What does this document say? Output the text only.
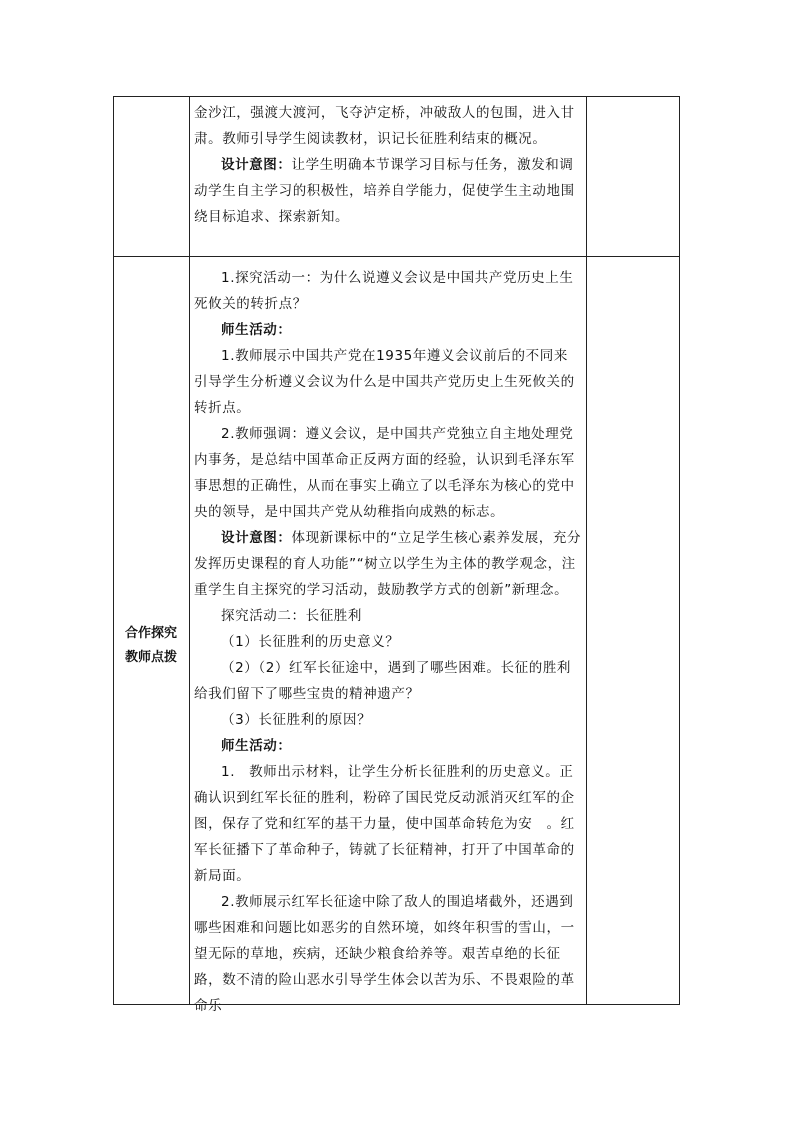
金沙江，强渡大渡河，飞夺泸定桥，冲破敌人的包围，进入甘肃。教师引导学生阅读教材，识记长征胜利结束的概况。

设计意图：让学生明确本节课学习目标与任务，激发和调动学生自主学习的积极性，培养自学能力，促使学生主动地围绕目标追求、探索新知。

合作探究
教师点拨

1.探究活动一：为什么说遵义会议是中国共产党历史上生死攸关的转折点？

师生活动：

1.教师展示中国共产党在1935年遵义会议前后的不同来引导学生分析遵义会议为什么是中国共产党历史上生死攸关的转折点。

2.教师强调：遵义会议，是中国共产党独立自主地处理党内事务，是总结中国革命正反两方面的经验，认识到毛泽东军事思想的正确性，从而在事实上确立了以毛泽东为核心的党中央的领导，是中国共产党从幼稚指向成熟的标志。

设计意图：体现新课标中的“立足学生核心素养发展，充分发挥历史课程的育人功能”“树立以学生为主体的教学观念，注重学生自主探究的学习活动，鼓励教学方式的创新”新理念。

探究活动二：长征胜利

（1）长征胜利的历史意义？

（2）（2）红军长征途中，遇到了哪些困难。长征的胜利给我们留下了哪些宝贵的精神遗产？

（3）长征胜利的原因？

师生活动：

1.　教师出示材料，让学生分析长征胜利的历史意义。正确认识到红军长征的胜利，粉碎了国民党反动派消灭红军的企图，保存了党和红军的基干力量，使中国革命转危为安　。红军长征播下了革命种子，铸就了长征精神，打开了中国革命的新局面。

2.教师展示红军长征途中除了敌人的围追堵截外，还遇到哪些困难和问题比如恶劣的自然环境，如终年积雪的雪山，一望无际的草地，疾病，还缺少粮食给养等。艰苦卓绝的长征路，数不清的险山恶水引导学生体会以苦为乐、不畏艰险的革命乐
